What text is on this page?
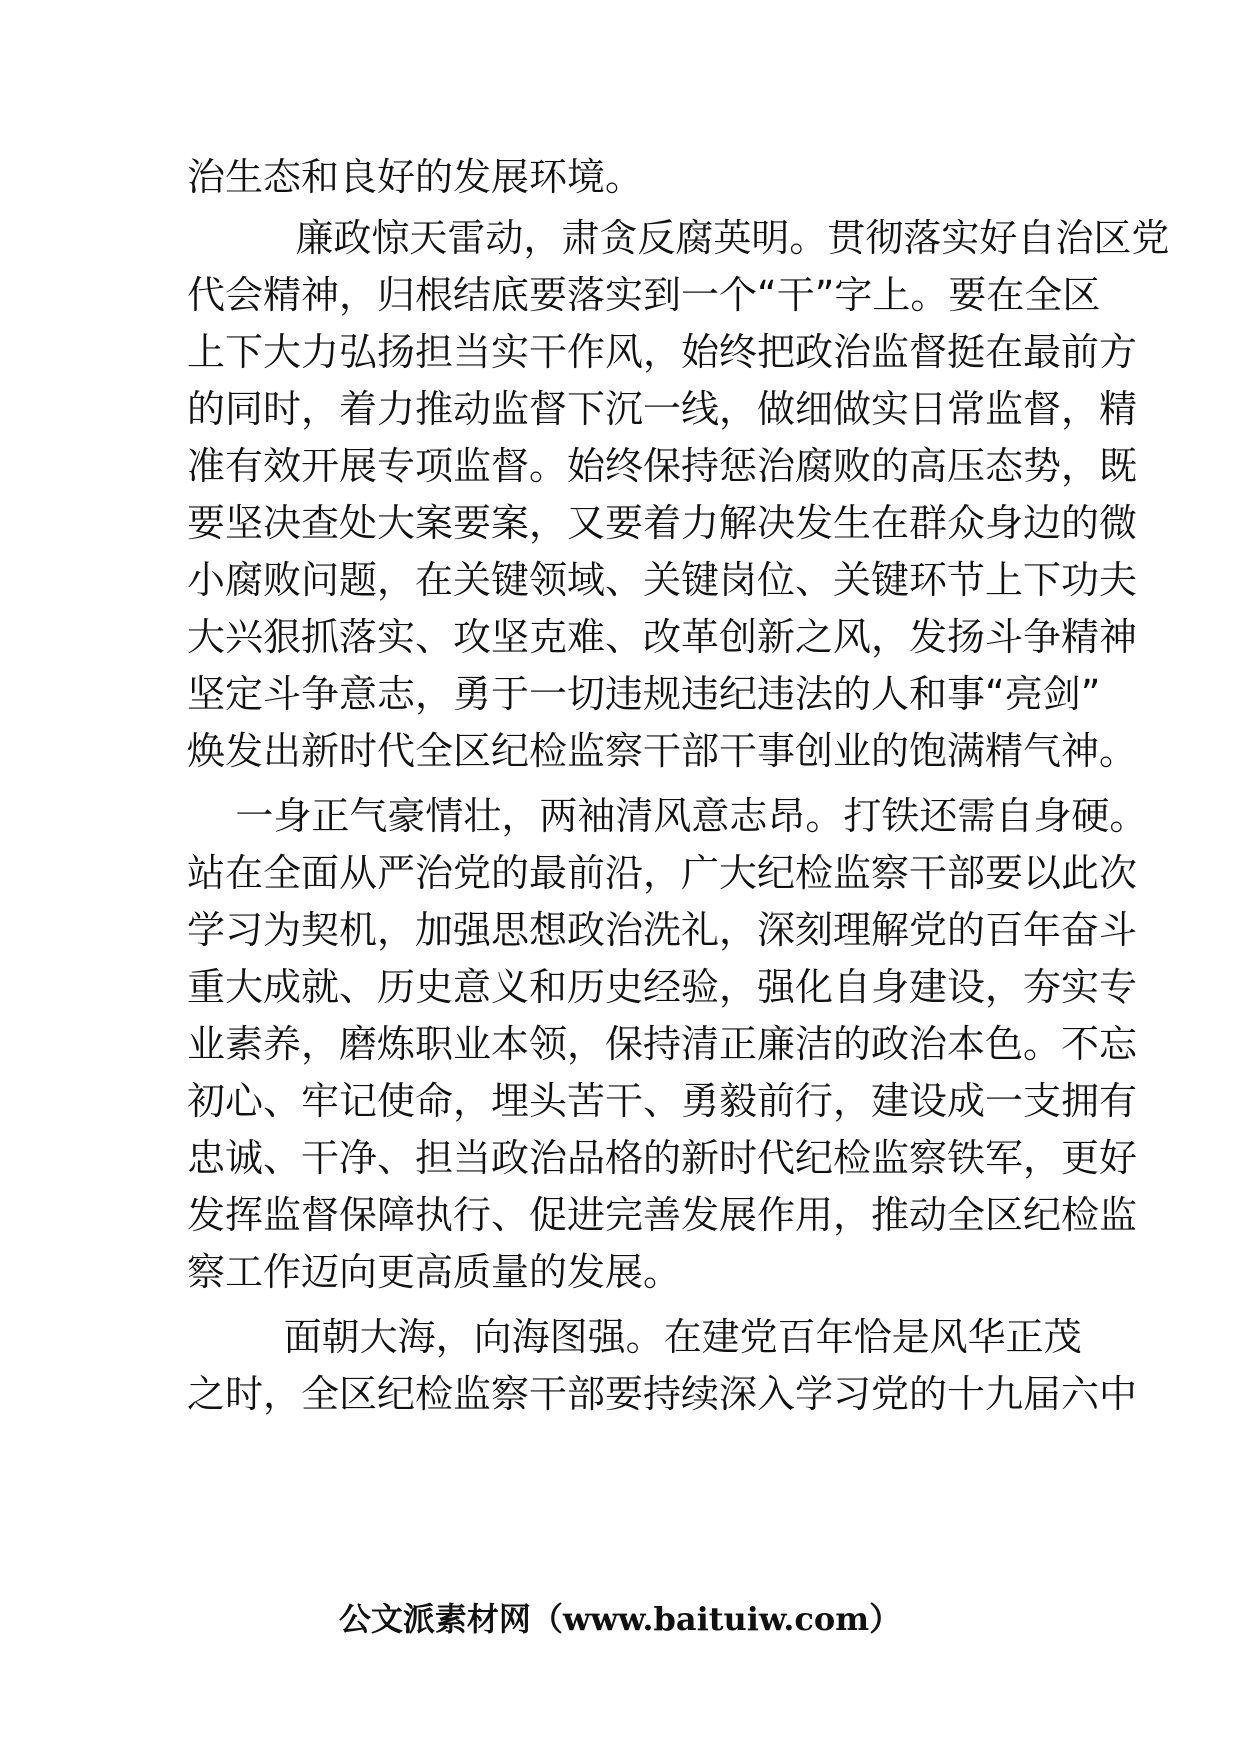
治生态和良好的发展环境。
廉政惊天雷动，肃贪反腐英明。贯彻落实好自治区党
代会精神，归根结底要落实到一个“干”字上。要在全区
上下大力弘扬担当实干作风，始终把政治监督挺在最前方
的同时，着力推动监督下沉一线，做细做实日常监督，精
准有效开展专项监督。始终保持惩治腐败的高压态势，既
要坚决查处大案要案，又要着力解决发生在群众身边的微
小腐败问题，在关键领域、关键岗位、关键环节上下功夫
大兴狠抓落实、攻坚克难、改革创新之风，发扬斗争精神
坚定斗争意志，勇于一切违规违纪违法的人和事“亮剑”
焕发出新时代全区纪检监察干部干事创业的饱满精气神。
一身正气豪情壮，两袖清风意志昂。打铁还需自身硬。
站在全面从严治党的最前沿，广大纪检监察干部要以此次
学习为契机，加强思想政治洗礼，深刻理解党的百年奋斗
重大成就、历史意义和历史经验，强化自身建设，夯实专
业素养，磨炼职业本领，保持清正廉洁的政治本色。不忘
初心、牢记使命，埋头苦干、勇毅前行，建设成一支拥有
忠诚、干净、担当政治品格的新时代纪检监察铁军，更好
发挥监督保障执行、促进完善发展作用，推动全区纪检监
察工作迈向更高质量的发展。
面朝大海，向海图强。在建党百年恰是风华正茂
之时，全区纪检监察干部要持续深入学习党的十九届六中
公文派素材网（www.baituiw.com）
